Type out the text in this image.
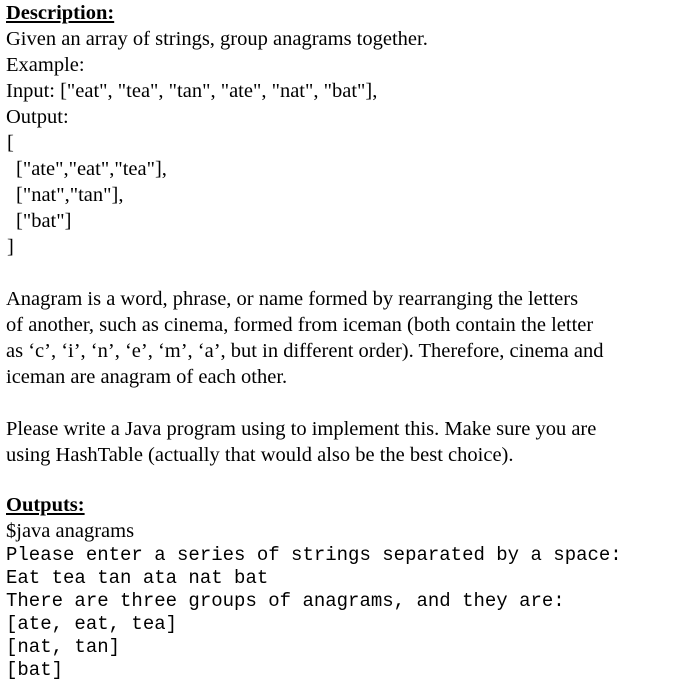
Description:
Given an array of strings, group anagrams together.
Example:
Input: ["eat", "tea", "tan", "ate", "nat", "bat"],
Output:
[
["ate","eat","tea"],
["nat","tan"],
["bat"]
]
Anagram is a word, phrase, or name formed by rearranging the letters
of another, such as cinema, formed from iceman (both contain the letter
as ‘c’, ‘i’, ‘n’, ‘e’, ‘m’, ‘a’, but in different order). Therefore, cinema and
iceman are anagram of each other.
Please write a Java program using to implement this. Make sure you are
using HashTable (actually that would also be the best choice).
Outputs:
$java anagrams
Please enter a series of strings separated by a space:
Eat tea tan ata nat bat
There are three groups of anagrams, and they are:
[ate, eat, tea]
[nat, tan]
[bat]
